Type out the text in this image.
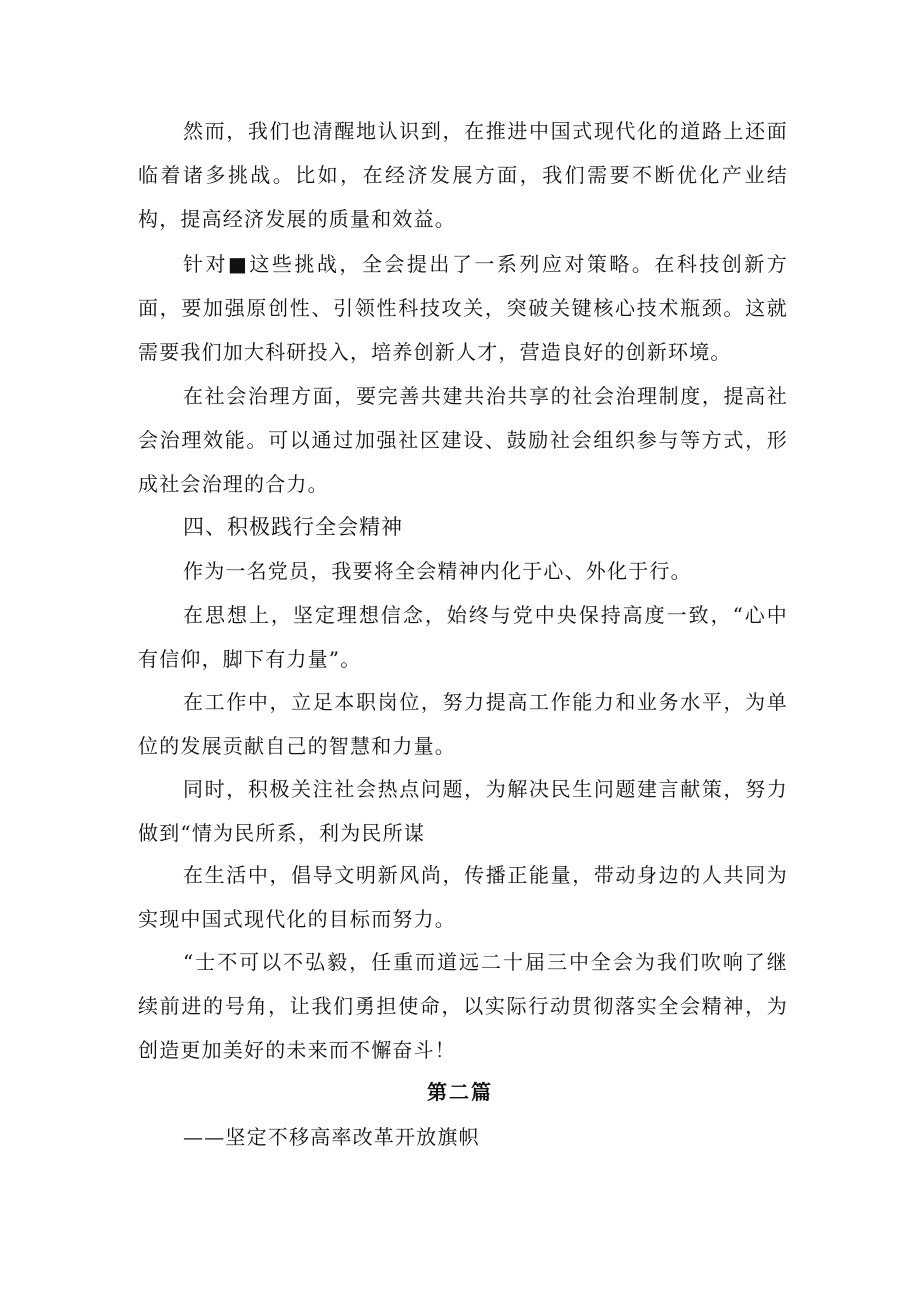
然而，我们也清醒地认识到，在推进中国式现代化的道路上还面临着诸多挑战。比如，在经济发展方面，我们需要不断优化产业结构，提高经济发展的质量和效益。

针对■这些挑战，全会提出了一系列应对策略。在科技创新方面，要加强原创性、引领性科技攻关，突破关键核心技术瓶颈。这就需要我们加大科研投入，培养创新人才，营造良好的创新环境。

在社会治理方面，要完善共建共治共享的社会治理制度，提高社会治理效能。可以通过加强社区建设、鼓励社会组织参与等方式，形成社会治理的合力。

四、积极践行全会精神

作为一名党员，我要将全会精神内化于心、外化于行。

在思想上，坚定理想信念，始终与党中央保持高度一致，“心中有信仰，脚下有力量”。

在工作中，立足本职岗位，努力提高工作能力和业务水平，为单位的发展贡献自己的智慧和力量。

同时，积极关注社会热点问题，为解决民生问题建言献策，努力做到“情为民所系，利为民所谋

在生活中，倡导文明新风尚，传播正能量，带动身边的人共同为实现中国式现代化的目标而努力。

“士不可以不弘毅，任重而道远二十届三中全会为我们吹响了继续前进的号角，让我们勇担使命，以实际行动贯彻落实全会精神，为创造更加美好的未来而不懈奋斗！

第二篇

——坚定不移高率改革开放旗帜
